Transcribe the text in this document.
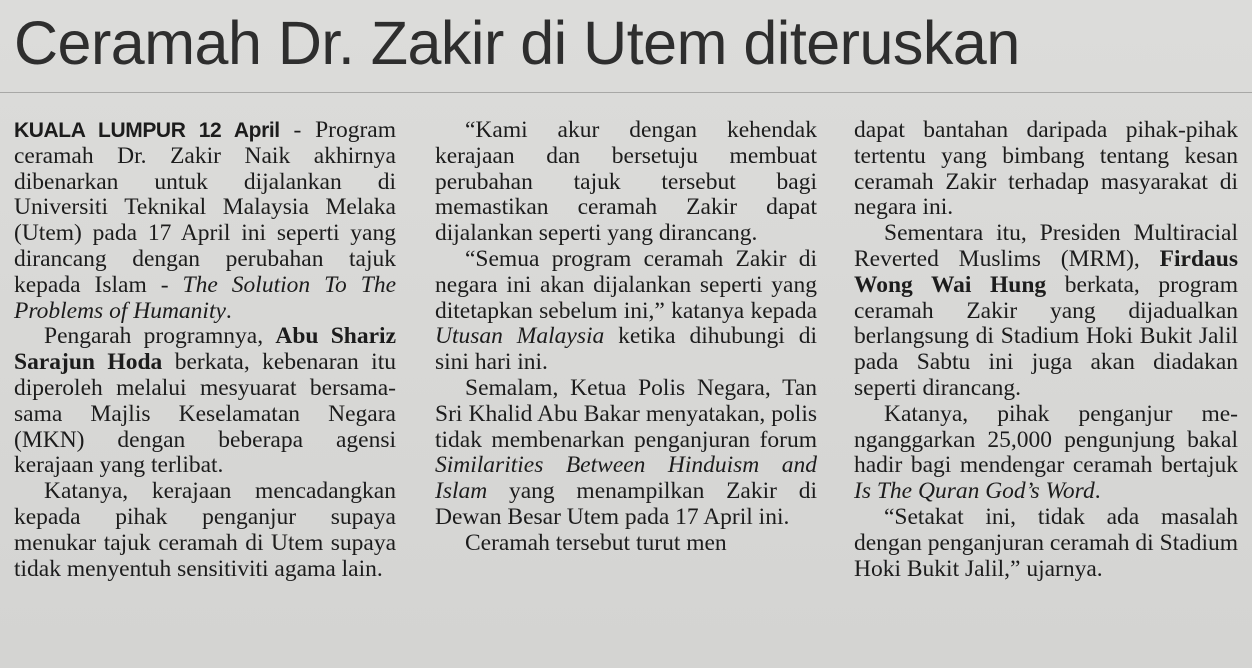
Ceramah Dr. Zakir di Utem diteruskan

KUALA LUMPUR 12 April - Program ceramah Dr. Zakir Naik akhirnya dibenarkan untuk dijalankan di Universiti Teknikal Malaysia Melaka (Utem) pada 17 April ini seperti yang dirancang dengan perubahan tajuk kepada Islam - The Solution To The Problems of Humanity.

Pengarah programnya, Abu Shariz Sarajun Hoda berkata, kebenaran itu diperoleh melalui mesyuarat bersama-sama Majlis Keselamatan Negara (MKN) dengan beberapa agensi kerajaan yang terlibat.

Katanya, kerajaan mencadangkan kepada pihak penganjur supaya menukar tajuk ceramah di Utem supaya tidak menyentuh sensitiviti agama lain.

“Kami akur dengan kehendak kerajaan dan bersetuju membuat perubahan tajuk tersebut bagi memastikan ceramah Zakir dapat dijalankan seperti yang dirancang.

“Semua program ceramah Zakir di negara ini akan dijalankan seperti yang ditetapkan sebelum ini,” katanya kepada Utusan Malaysia ketika dihubungi di sini hari ini.

Semalam, Ketua Polis Negara, Tan Sri Khalid Abu Bakar menyatakan, polis tidak membenarkan penganjuran forum Similarities Between Hinduism and Islam yang menampilkan Zakir di Dewan Besar Utem pada 17 April ini.

Ceramah tersebut turut men

dapat bantahan daripada pihak-pihak tertentu yang bimbang tentang kesan ceramah Zakir terhadap masyarakat di negara ini.

Sementara itu, Presiden Multiracial Reverted Muslims (MRM), Firdaus Wong Wai Hung berkata, program ceramah Zakir yang dijadualkan berlangsung di Stadium Hoki Bukit Jalil pada Sabtu ini juga akan diadakan seperti dirancang.

Katanya, pihak penganjur menganggarkan 25,000 pengunjung bakal hadir bagi mendengar ceramah bertajuk Is The Quran God’s Word.

“Setakat ini, tidak ada masalah dengan penganjuran ceramah di Stadium Hoki Bukit Jalil,” ujarnya.
